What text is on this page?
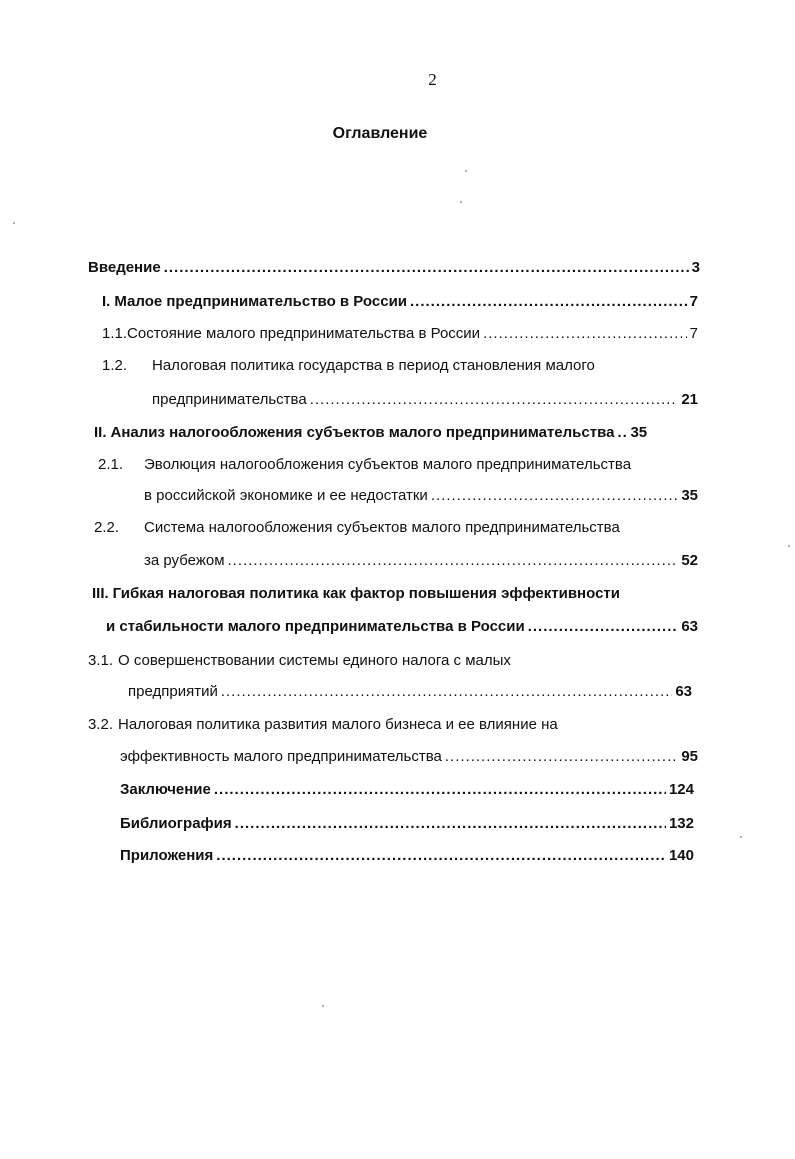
2
Оглавление
Введение .....	3
I. Малое предпринимательство в России .....	7
1.1. Состояние малого предпринимательства в России .....	7
1.2.	Налоговая политика государства в период становления малого
предпринимательства .....	21
II. Анализ налогообложения субъектов малого предпринимательства ..... 35
2.1.	Эволюция налогообложения субъектов малого предпринимательства
в российской экономике и ее недостатки .....	35
2.2.	Система налогообложения субъектов малого предпринимательства
за рубежом .....	52
III. Гибкая налоговая политика как фактор повышения эффективности
и стабильности малого предпринимательства в России .....	63
3.1. О совершенствовании системы единого налога с малых
предприятий .....	63
3.2. Налоговая политика развития малого бизнеса и ее влияние на
эффективность малого предпринимательства .....	95
Заключение .....	124
Библиография .....	132
Приложения .....	140
